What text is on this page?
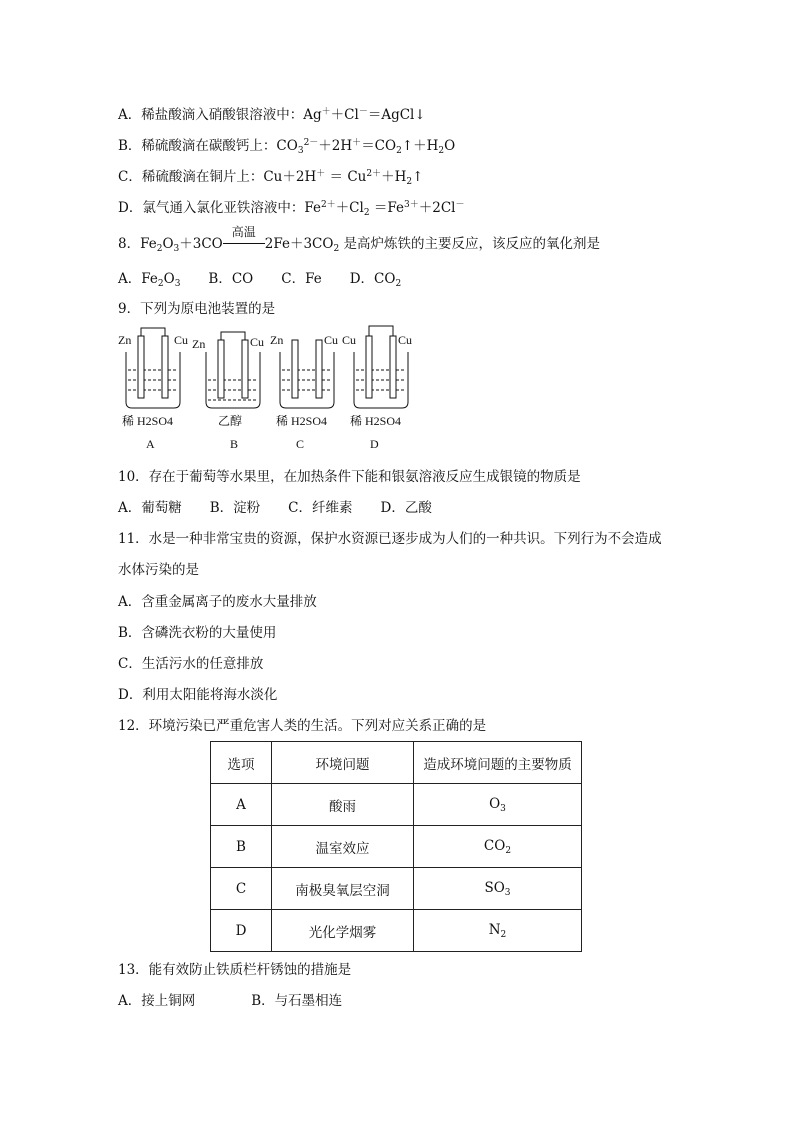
A．稀盐酸滴入硝酸银溶液中：Ag＋＋Cl－＝AgCl↓
B．稀硫酸滴在碳酸钙上：$CO_3^{2-}+2H^+=CO_2↑+H_2O$
C．稀硫酸滴在铜片上：$Cu+2H^+ = Cu^{2+}+H_2↑$
D．氯气通入氯化亚铁溶液中：$Fe^{2+}+Cl_2 =Fe^{3+}+2Cl^-$
8．$Fe_2O_3+3CO$
高温
$2Fe+3CO_2$ 是高炉炼铁的主要反应，该反应的氧化剂是
A．$Fe_2O_3$ B．CO C．Fe D．$CO_2$
9．下列为原电池装置的是
Zn	Cu
稀 H2SO4
A
Zn	Cu
乙醇
B
Zn	Cu
稀 H2SO4
C
Cu	Cu
稀 H2SO4
D
10．存在于葡萄等水果里，在加热条件下能和银氨溶液反应生成银镜的物质是
A．葡萄糖 B．淀粉 C．纤维素 D．乙酸
11．水是一种非常宝贵的资源，保护水资源已逐步成为人们的一种共识。下列行为不会造成
水体污染的是
A．含重金属离子的废水大量排放
B．含磷洗衣粉的大量使用
C．生活污水的任意排放
D．利用太阳能将海水淡化
12．环境污染已严重危害人类的生活。下列对应关系正确的是
选项	环境问题	造成环境问题的主要物质
A	酸雨	$O_3$
B	温室效应	$CO_2$
C	南极臭氧层空洞	$SO_3$
D	光化学烟雾	$N_2$
13．能有效防止铁质栏杆锈蚀的措施是
A．接上铜网	B．与石墨相连
